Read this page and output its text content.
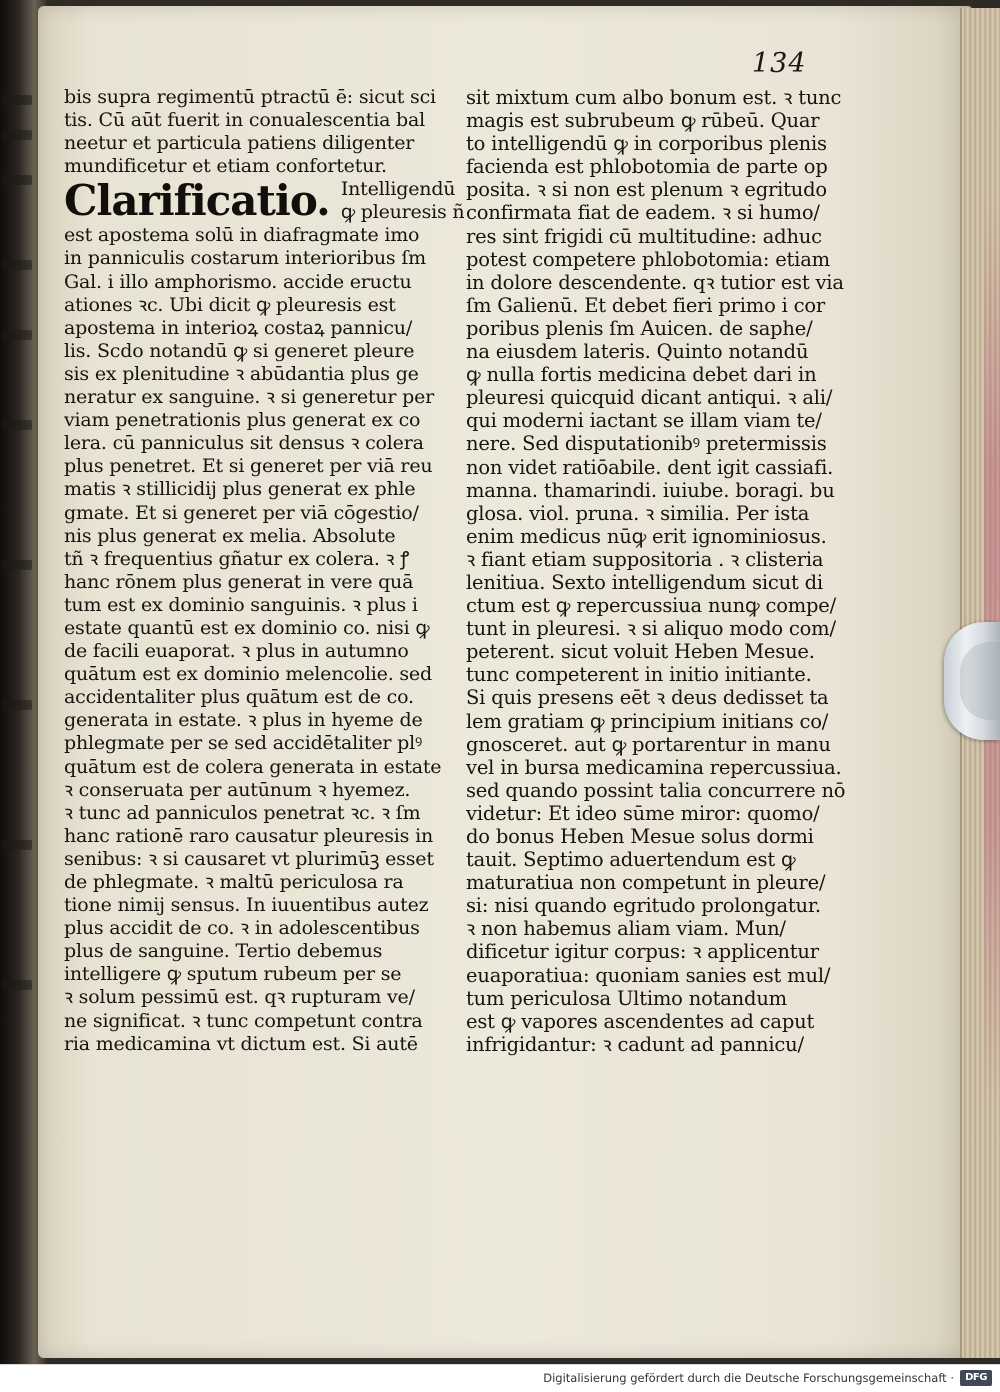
134
bis supra regimentū ptractū ē: sicut sci
tis. Cū aūt fuerit in conualescentia bal
neetur et particula patiens diligenter
mundificetur et etiam confortetur.
Clarificatio. Intelligendū
ꝙ pleuresis ñ
est apostema solū in diafragmate imo
in panniculis costarum interioribus ſm
Gal. i illo amphorismo. accide eructu
ationes ꝛc. Ubi dicit ꝙ pleuresis est
apostema in interioꝝ costaꝝ pannicu/
lis. Scdo notandū ꝙ si generet pleure
sis ex plenitudine ꝛ abūdantia plus ge
neratur ex sanguine. ꝛ si generetur per
viam penetrationis plus generat ex co
lera. cū panniculus sit densus ꝛ colera
plus penetret. Et si generet per viā reu
matis ꝛ stillicidij plus generat ex phle
gmate. Et si generet per viā cōgestio/
nis plus generat ex melia. Absolute
tñ ꝛ frequentius gñatur ex colera. ꝛ ꝭ
hanc rōnem plus generat in vere quā
tum est ex dominio sanguinis. ꝛ plus i
estate quantū est ex dominio co. nisi ꝙ
de facili euaporat. ꝛ plus in autumno
quātum est ex dominio melencolie. sed
accidentaliter plus quātum est de co.
generata in estate. ꝛ plus in hyeme de
phlegmate per se sed accidētaliter plꝰ
quātum est de colera generata in estate
ꝛ conseruata per autūnum ꝛ hyemez.
ꝛ tunc ad panniculos penetrat ꝛc. ꝛ ſm
hanc rationē raro causatur pleuresis in
senibus: ꝛ si causaret vt plurimūꝫ esset
de phlegmate. ꝛ maltū periculosa ra
tione nimij sensus. In iuuentibus autez
plus accidit de co. ꝛ in adolescentibus
plus de sanguine. Tertio debemus
intelligere ꝙ sputum rubeum per se
ꝛ solum pessimū est. qꝛ rupturam ve/
ne significat. ꝛ tunc competunt contra
ria medicamina vt dictum est. Si autē
sit mixtum cum albo bonum est. ꝛ tunc
magis est subrubeum ꝙ rūbeū. Quar
to intelligendū ꝙ in corporibus plenis
facienda est phlobotomia de parte op
posita. ꝛ si non est plenum ꝛ egritudo
confirmata fiat de eadem. ꝛ si humo/
res sint frigidi cū multitudine: adhuc
potest competere phlobotomia: etiam
in dolore descendente. qꝛ tutior est via
ſm Galienū. Et debet fieri primo i cor
poribus plenis ſm Auicen. de saphe/
na eiusdem lateris. Quinto notandū
ꝙ nulla fortis medicina debet dari in
pleuresi quicquid dicant antiqui. ꝛ ali/
qui moderni iactant se illam viam te/
nere. Sed disputationibꝰ pretermissis
non videt ratiōabile. dent igit cassiafi.
manna. thamarindi. iuiube. boragi. bu
glosa. viol. pruna. ꝛ similia. Per ista
enim medicus nūꝙ erit ignominiosus.
ꝛ fiant etiam suppositoria . ꝛ clisteria
lenitiua. Sexto intelligendum sicut di
ctum est ꝙ repercussiua nunꝙ compe/
tunt in pleuresi. ꝛ si aliquo modo com/
peterent. sicut voluit Heben Mesue.
tunc competerent in initio initiante.
Si quis presens eēt ꝛ deus dedisset ta
lem gratiam ꝙ principium initians co/
gnosceret. aut ꝙ portarentur in manu
vel in bursa medicamina repercussiua.
sed quando possint talia concurrere nō
videtur: Et ideo sūme miror: quomo/
do bonus Heben Mesue solus dormi
tauit. Septimo aduertendum est ꝙ
maturatiua non competunt in pleure/
si: nisi quando egritudo prolongatur.
ꝛ non habemus aliam viam. Mun/
dificetur igitur corpus: ꝛ applicentur
euaporatiua: quoniam sanies est mul/
tum periculosa Ultimo notandum
est ꝙ vapores ascendentes ad caput
infrigidantur: ꝛ cadunt ad pannicu/
Digitalisierung gefördert durch die Deutsche Forschungsgemeinschaft ·	DFG
